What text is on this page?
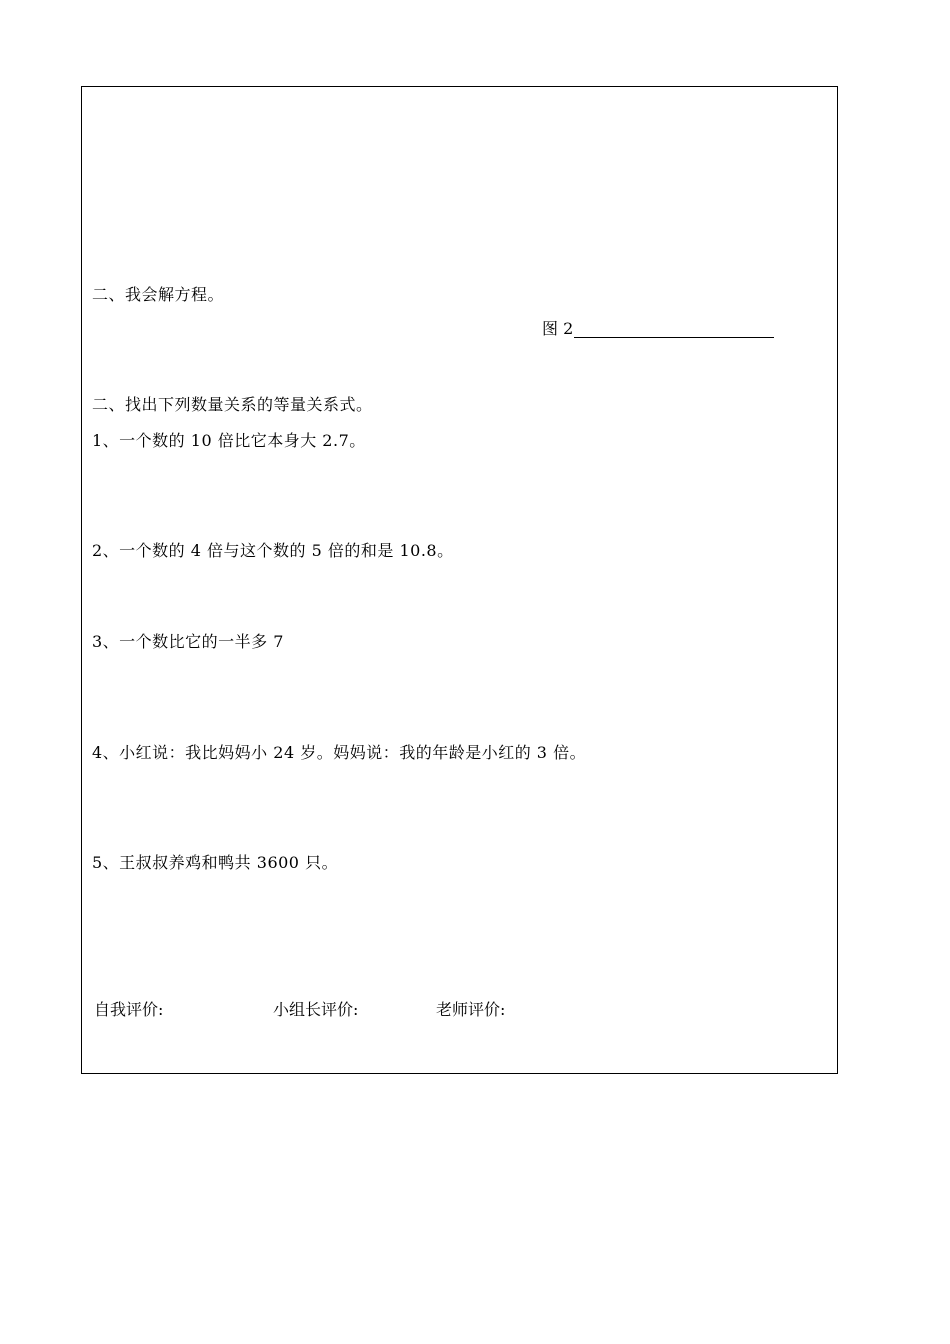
二、我会解方程。
图 2
二、找出下列数量关系的等量关系式。
1、一个数的 10 倍比它本身大 2.7。
2、一个数的 4 倍与这个数的 5 倍的和是 10.8。
3、一个数比它的一半多 7
4、小红说：我比妈妈小 24 岁。妈妈说：我的年龄是小红的 3 倍。
5、王叔叔养鸡和鸭共 3600 只。
自我评价:	小组长评价:	老师评价:
